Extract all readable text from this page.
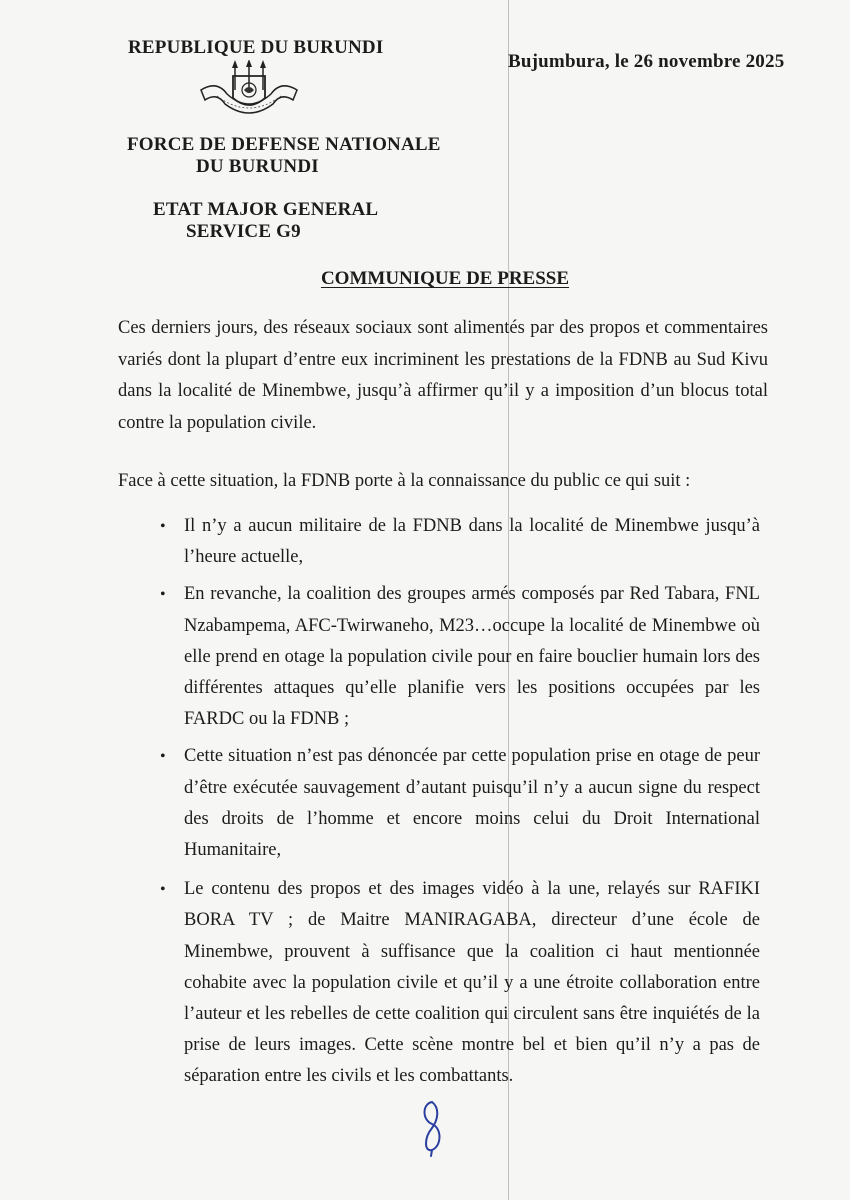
REPUBLIQUE DU BURUNDI
Bujumbura, le 26 novembre 2025
FORCE DE DEFENSE NATIONALE
DU BURUNDI
ETAT MAJOR GENERAL
SERVICE G9
COMMUNIQUE DE PRESSE
Ces derniers jours, des réseaux sociaux sont alimentés par des propos et commentaires variés dont la plupart d’entre eux incriminent les prestations de la FDNB au Sud Kivu dans la localité de Minembwe, jusqu’à affirmer qu’il y a imposition d’un blocus total contre la population civile.
Face à cette situation, la FDNB porte à la connaissance du public ce qui suit :
• Il n’y a aucun militaire de la FDNB dans la localité de Minembwe jusqu’à l’heure actuelle,
• En revanche, la coalition des groupes armés composés par Red Tabara, FNL Nzabampema, AFC-Twirwaneho, M23…occupe la localité de Minembwe où elle prend en otage la population civile pour en faire bouclier humain lors des différentes attaques qu’elle planifie vers les positions occupées par les FARDC ou la FDNB ;
• Cette situation n’est pas dénoncée par cette population prise en otage de peur d’être exécutée sauvagement d’autant puisqu’il n’y a aucun signe du respect des droits de l’homme et encore moins celui du Droit International Humanitaire,
• Le contenu des propos et des images vidéo à la une, relayés sur RAFIKI BORA TV ; de Maitre MANIRAGABA, directeur d’une école de Minembwe, prouvent à suffisance que la coalition ci haut mentionnée cohabite avec la population civile et qu’il y a une étroite collaboration entre l’auteur et les rebelles de cette coalition qui circulent sans être inquiétés de la prise de leurs images. Cette scène montre bel et bien qu’il n’y a pas de séparation entre les civils et les combattants.
